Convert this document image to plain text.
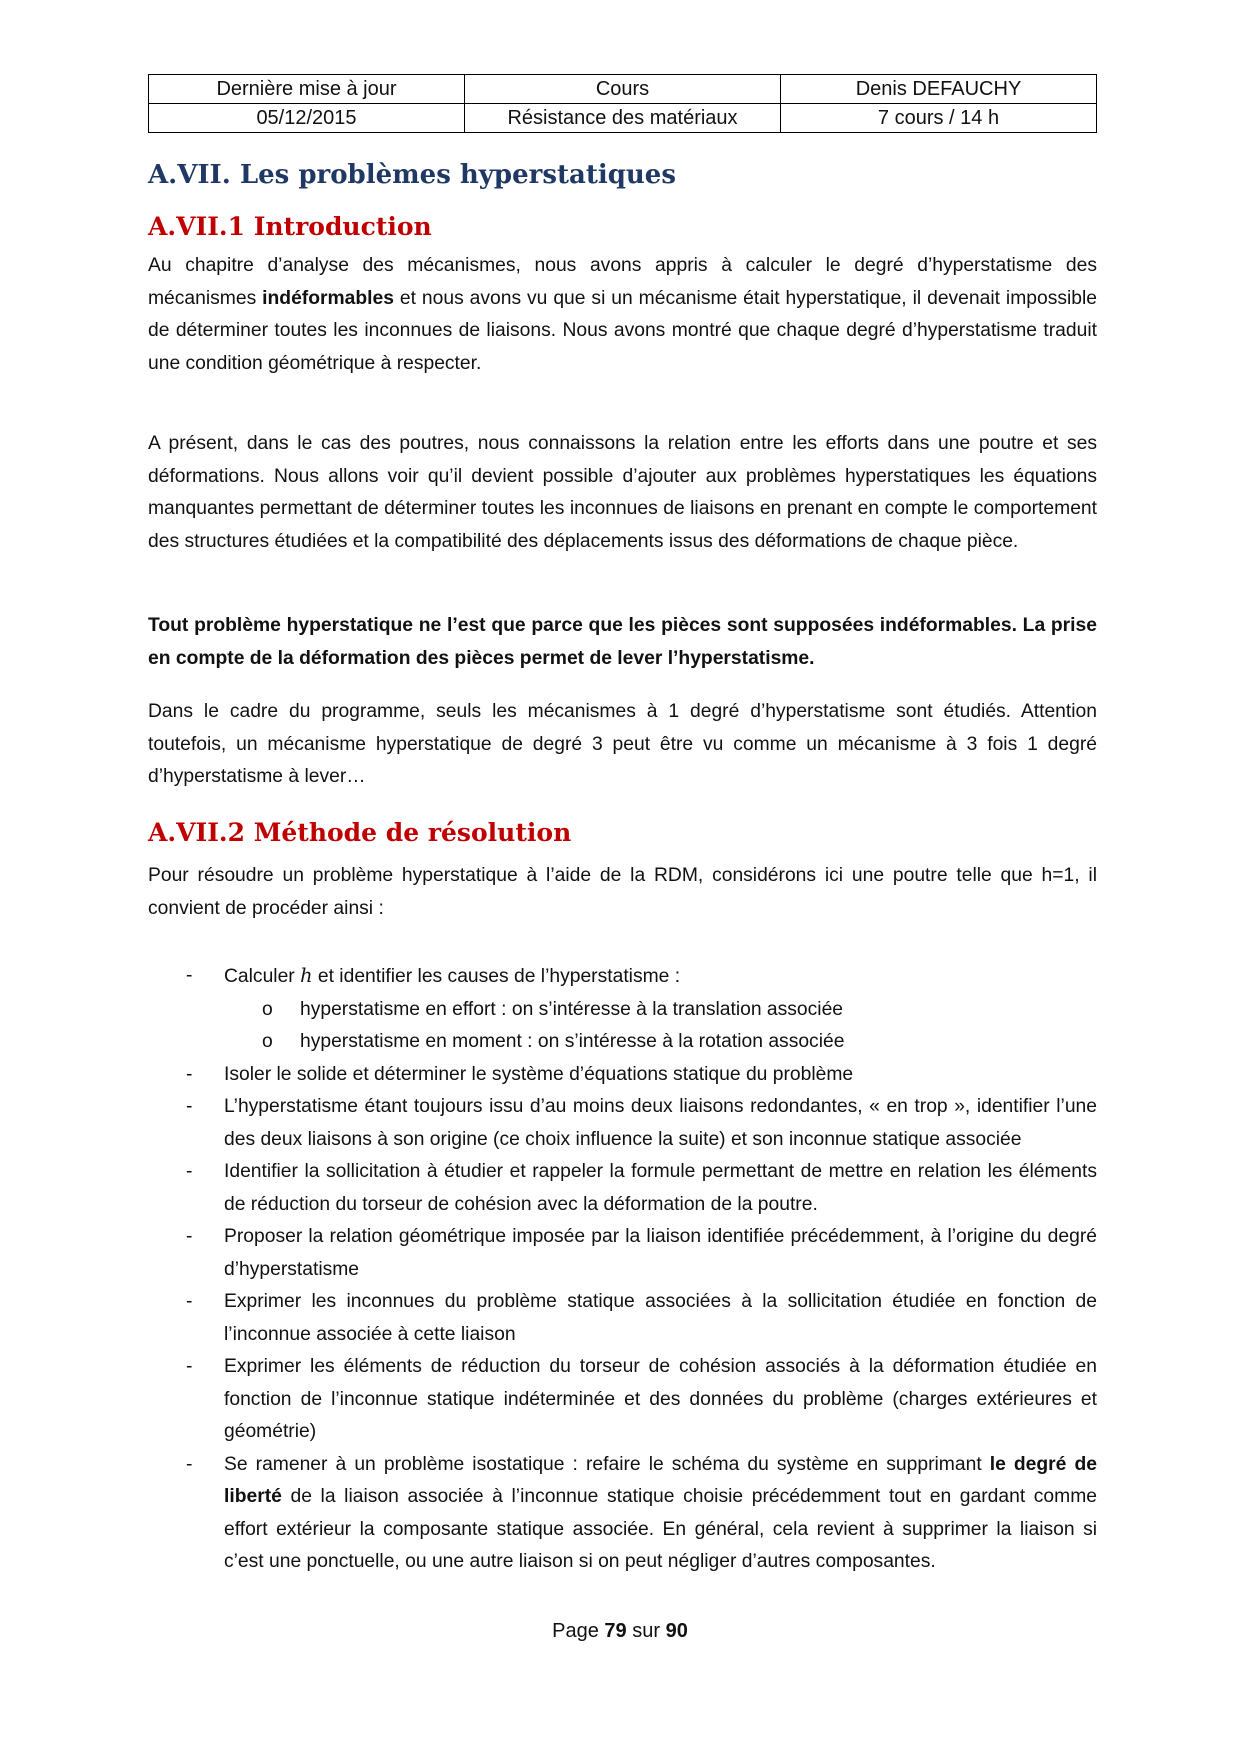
Dernière mise à jour	Cours	Denis DEFAUCHY
05/12/2015	Résistance des matériaux	7 cours / 14 h
A.VII. Les problèmes hyperstatiques
A.VII.1 Introduction

Au chapitre d’analyse des mécanismes, nous avons appris à calculer le degré d’hyperstatisme des mécanismes indéformables et nous avons vu que si un mécanisme était hyperstatique, il devenait impossible de déterminer toutes les inconnues de liaisons. Nous avons montré que chaque degré d’hyperstatisme traduit une condition géométrique à respecter.

A présent, dans le cas des poutres, nous connaissons la relation entre les efforts dans une poutre et ses déformations. Nous allons voir qu’il devient possible d’ajouter aux problèmes hyperstatiques les équations manquantes permettant de déterminer toutes les inconnues de liaisons en prenant en compte le comportement des structures étudiées et la compatibilité des déplacements issus des déformations de chaque pièce.

Tout problème hyperstatique ne l’est que parce que les pièces sont supposées indéformables. La prise en compte de la déformation des pièces permet de lever l’hyperstatisme.

Dans le cadre du programme, seuls les mécanismes à 1 degré d’hyperstatisme sont étudiés. Attention toutefois, un mécanisme hyperstatique de degré 3 peut être vu comme un mécanisme à 3 fois 1 degré d’hyperstatisme à lever…

A.VII.2 Méthode de résolution

Pour résoudre un problème hyperstatique à l’aide de la RDM, considérons ici une poutre telle que h=1, il convient de procéder ainsi :

- Calculer h et identifier les causes de l’hyperstatisme :
o hyperstatisme en effort : on s’intéresse à la translation associée
o hyperstatisme en moment : on s’intéresse à la rotation associée
- Isoler le solide et déterminer le système d’équations statique du problème
- L’hyperstatisme étant toujours issu d’au moins deux liaisons redondantes, « en trop », identifier l’une des deux liaisons à son origine (ce choix influence la suite) et son inconnue statique associée
- Identifier la sollicitation à étudier et rappeler la formule permettant de mettre en relation les éléments de réduction du torseur de cohésion avec la déformation de la poutre.
- Proposer la relation géométrique imposée par la liaison identifiée précédemment, à l’origine du degré d’hyperstatisme
- Exprimer les inconnues du problème statique associées à la sollicitation étudiée en fonction de l’inconnue associée à cette liaison
- Exprimer les éléments de réduction du torseur de cohésion associés à la déformation étudiée en fonction de l’inconnue statique indéterminée et des données du problème (charges extérieures et géométrie)
- Se ramener à un problème isostatique : refaire le schéma du système en supprimant le degré de liberté de la liaison associée à l’inconnue statique choisie précédemment tout en gardant comme effort extérieur la composante statique associée. En général, cela revient à supprimer la liaison si c’est une ponctuelle, ou une autre liaison si on peut négliger d’autres composantes.
Page 79 sur 90
